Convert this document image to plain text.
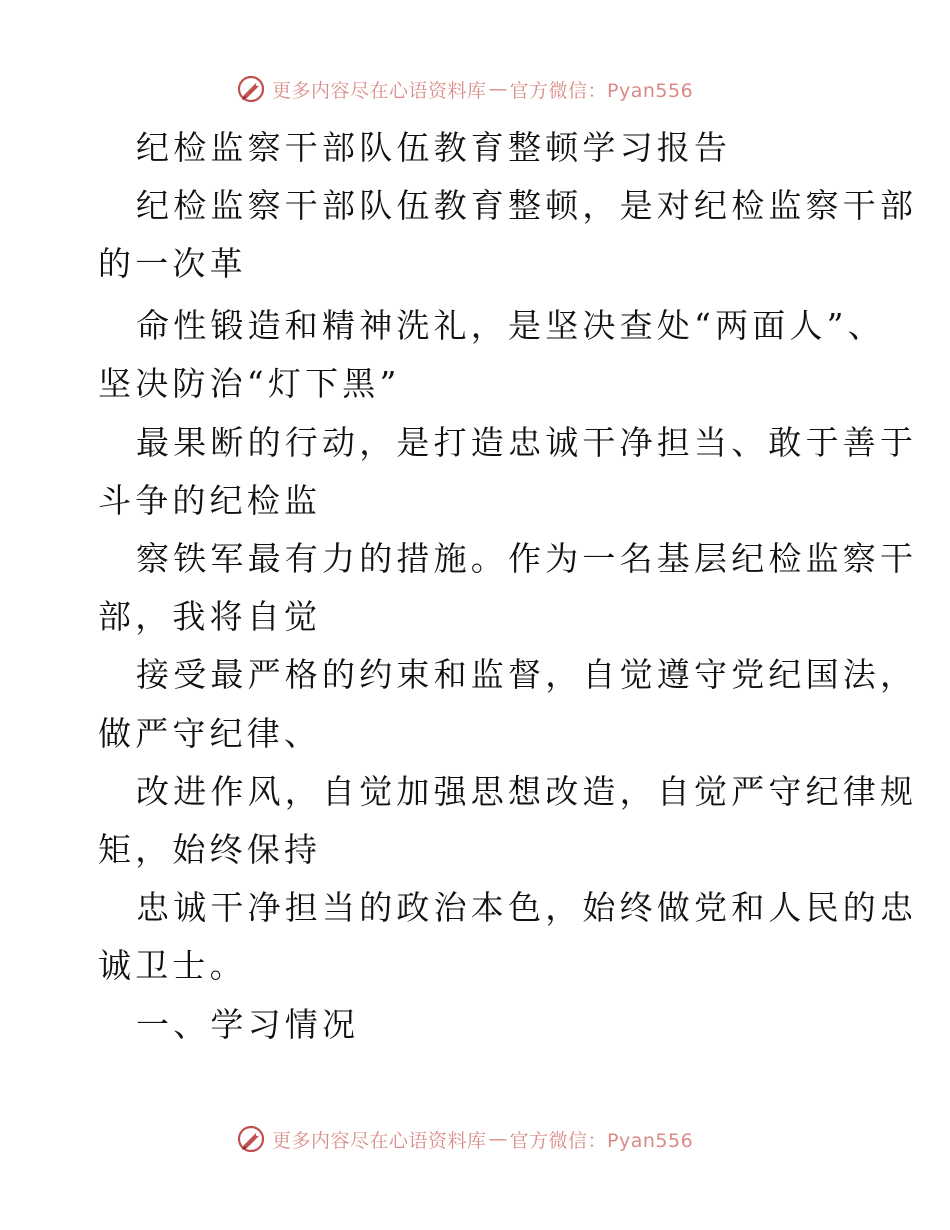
更多内容尽在心语资料库 — 官方微信：Pyan556
纪检监察干部队伍教育整顿学习报告
纪检监察干部队伍教育整顿，是对纪检监察干部
的一次革
命性锻造和精神洗礼，是坚决查处“两面人”、
坚决防治“灯下黑”
最果断的行动，是打造忠诚干净担当、敢于善于
斗争的纪检监
察铁军最有力的措施。作为一名基层纪检监察干
部，我将自觉
接受最严格的约束和监督，自觉遵守党纪国法，
做严守纪律、
改进作风，自觉加强思想改造，自觉严守纪律规
矩，始终保持
忠诚干净担当的政治本色，始终做党和人民的忠
诚卫士。
一、学习情况
更多内容尽在心语资料库 — 官方微信：Pyan556
